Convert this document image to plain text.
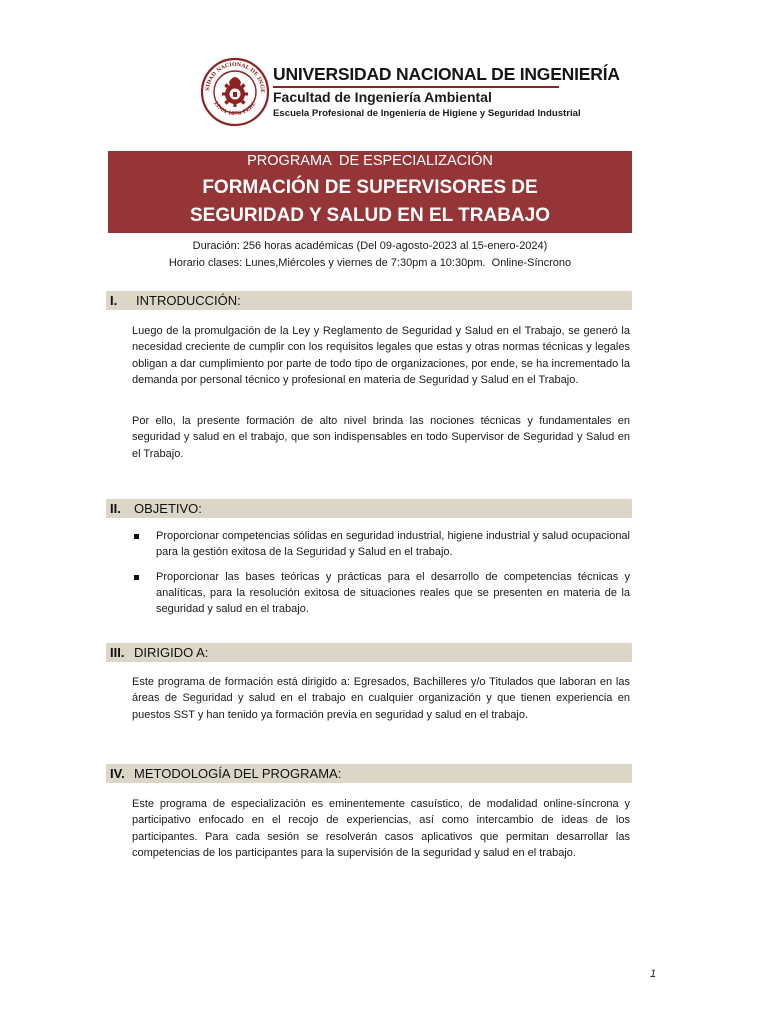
SIDAD NACIONAL DE INGE
LIMA 1876 PERÚ
UNIVERSIDAD NACIONAL DE INGENIERÍA
Facultad de Ingeniería Ambiental
Escuela Profesional de Ingeniería de Higiene y Seguridad Industrial
PROGRAMA  DE ESPECIALIZACIÓN
FORMACIÓN DE SUPERVISORES DE
SEGURIDAD Y SALUD EN EL TRABAJO
Duración: 256 horas académicas (Del 09-agosto-2023 al 15-enero-2024)
Horario clases: Lunes,Miércoles y viernes de 7:30pm a 10:30pm.  Online-Síncrono
I. INTRODUCCIÓN:
Luego de la promulgación de la Ley y Reglamento de Seguridad y Salud en el Trabajo, se generó la necesidad creciente de cumplir con los requisitos legales que estas y otras normas técnicas y legales obligan a dar cumplimiento por parte de todo tipo de organizaciones, por ende, se ha incrementado la demanda por personal técnico y profesional en materia de Seguridad y Salud en el Trabajo.
Por ello, la presente formación de alto nivel brinda las nociones técnicas y fundamentales en seguridad y salud en el trabajo, que son indispensables en todo Supervisor de Seguridad y Salud en el Trabajo.
II. OBJETIVO:
Proporcionar competencias sólidas en seguridad industrial, higiene industrial y salud ocupacional para la gestión exitosa de la Seguridad y Salud en el trabajo.
Proporcionar las bases teóricas y prácticas para el desarrollo de competencias técnicas y analíticas, para la resolución exitosa de situaciones reales que se presenten en materia de la seguridad y salud en el trabajo.
III. DIRIGIDO A:
Este programa de formación está dirigido a: Egresados, Bachilleres y/o Titulados que laboran en las áreas de Seguridad y salud en el trabajo en cualquier organización y que tienen experiencia en puestos SST y han tenido ya formación previa en seguridad y salud en el trabajo.
IV. METODOLOGÍA DEL PROGRAMA:
Este programa de especialización es eminentemente casuístico, de modalidad online-síncrona y participativo enfocado en el recojo de experiencias, así como intercambio de ideas de los participantes. Para cada sesión se resolverán casos aplicativos que permitan desarrollar las competencias de los participantes para la supervisión de la seguridad y salud en el trabajo.
1
